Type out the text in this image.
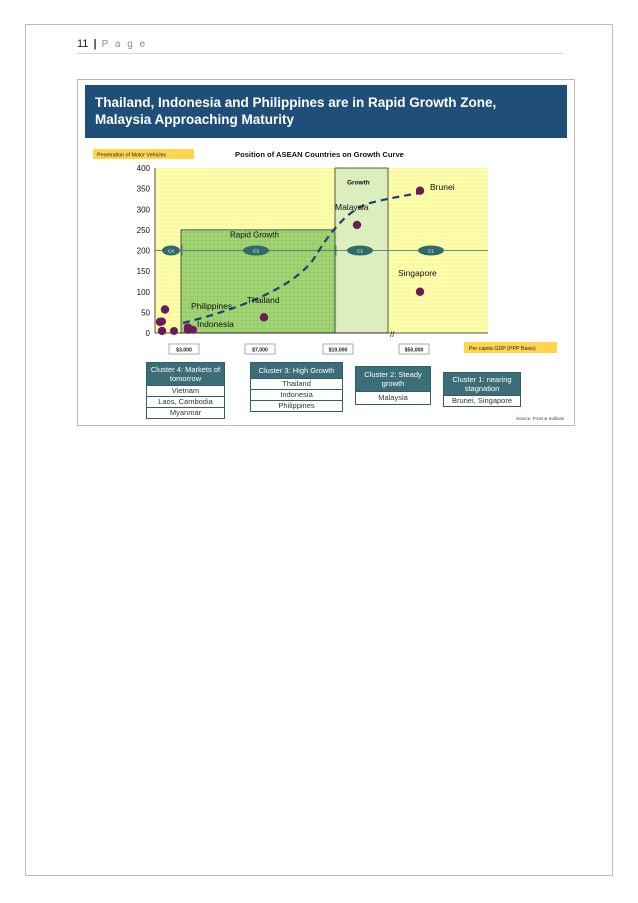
11 | P a g e
Thailand, Indonesia and Philippines are in Rapid Growth Zone,
Malaysia Approaching Maturity
//
400
350
300
250
200
150
100
50
0
$3,000	$7,000	$10,000	$50,000
Penetration of Motor Vehicles
Per capita GDP (PPP Basis)
Position of ASEAN Countries on Growth Curve
Rapid Growth
Growth
C4	C3	C2	C1
Brunei
Malaysia
Singapore
Thailand
Philippines
Indonesia
Cluster 4: Markets of tomorrow
Vietnam
Laos, Cambodia
Myanmar
Cluster 3: High Growth
Thailand
Indonesia
Philippines
Cluster 2: Steady growth
Malaysia
Cluster 1: nearing stagnation
Brunei, Singapore
Source: Frost & Sullivan
